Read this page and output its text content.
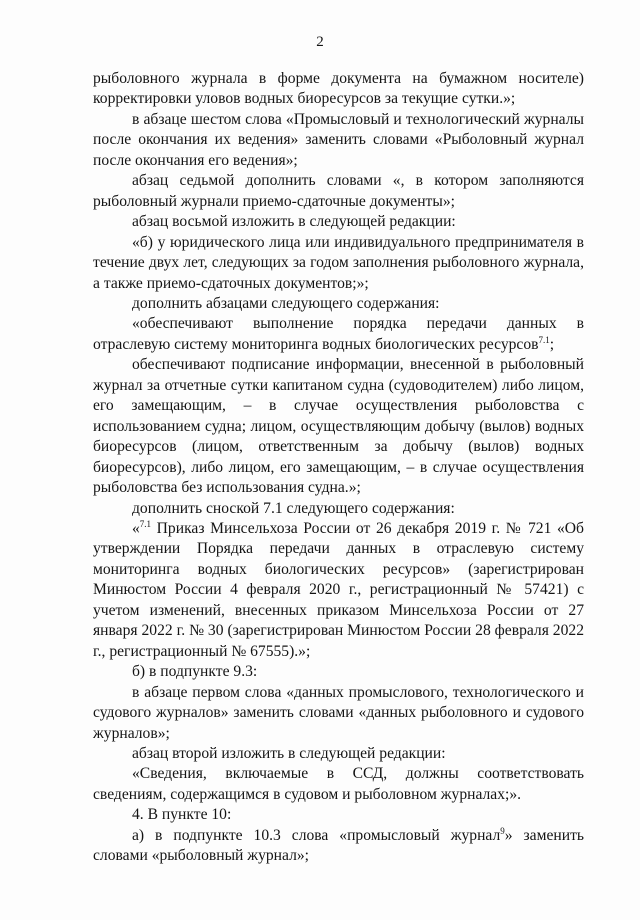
2

рыболовного журнала в форме документа на бумажном носителе) корректировки уловов водных биоресурсов за текущие сутки.»;

в абзаце шестом слова «Промысловый и технологический журналы после окончания их ведения» заменить словами «Рыболовный журнал после окончания его ведения»;

абзац седьмой дополнить словами «, в котором заполняются рыболовный журнали приемо-сдаточные документы»;

абзац восьмой изложить в следующей редакции:

«б) у юридического лица или индивидуального предпринимателя в течение двух лет, следующих за годом заполнения рыболовного журнала, а также приемо-сдаточных документов;»;

дополнить абзацами следующего содержания:

«обеспечивают выполнение порядка передачи данных в отраслевую систему мониторинга водных биологических ресурсов$^{7.1}$;

обеспечивают подписание информации, внесенной в рыболовный журнал за отчетные сутки капитаном судна (судоводителем) либо лицом, его замещающим, – в случае осуществления рыболовства с использованием судна; лицом, осуществляющим добычу (вылов) водных биоресурсов (лицом, ответственным за добычу (вылов) водных биоресурсов), либо лицом, его замещающим, – в случае осуществления рыболовства без использования судна.»;

дополнить сноской 7.1 следующего содержания:

«$^{7.1}$ Приказ Минсельхоза России от 26 декабря 2019 г. № 721 «Об утверждении Порядка передачи данных в отраслевую систему мониторинга водных биологических ресурсов» (зарегистрирован Минюстом России 4 февраля 2020 г., регистрационный № 57421) с учетом изменений, внесенных приказом Минсельхоза России от 27 января 2022 г. № 30 (зарегистрирован Минюстом России 28 февраля 2022 г., регистрационный № 67555).»;

б) в подпункте 9.3:

в абзаце первом слова «данных промыслового, технологического и судового журналов» заменить словами «данных рыболовного и судового журналов»;

абзац второй изложить в следующей редакции:

«Сведения, включаемые в ССД, должны соответствовать сведениям, содержащимся в судовом и рыболовном журналах;».

4. В пункте 10:

а) в подпункте 10.3 слова «промысловый журнал$^9$» заменить словами «рыболовный журнал»;
